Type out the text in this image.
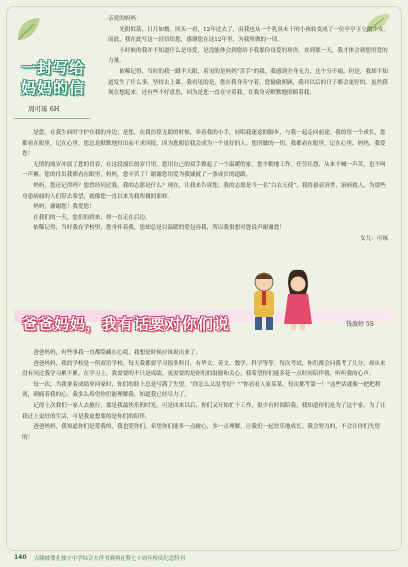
一封写给
妈妈的信
周可琢 6H

亲爱的妈妈：

光阴似箭，日月如梭。回头一看，12年过去了，而我也从一个乳臭未干的小孩转变成了一位亭亭玉立的少女。而此，我在此写这一封信给您，感谢您在这12年里，为我所做的一切。

小时候的我并不知道什么是母爱，是没能体会到您给予我那份母爱的珍贵。直到那一天，我才体会到您用爱的力量。

依稀记得，当时的我一蹲半天眼，着见的是妈妈“苦手”的我。我感到全身无力，还个分不痛。但是，我却不知道发生了什么事，坚持去上课。我看见的是，您在我身旁守着，您偷偷照顾，我对以后的日子都会更好的。虽然我现在想起来，还有些不好意思，因为是您一直在守着我，在我身旁默默地照顾着我。

是您，在我生病时守护在我的身边；是您，在我彷徨无助的时候，牵着我的小手，轻唱我迷途的脚步，与我一起走向前途。我的每一个成长，您都看在眼里，记在心里。您总是默默地付出而不求回报，因为您相信我会成为一个更好的人。您所做的一切，我都看在眼里，记在心里。妈妈，我爱您！

无情的流岁冲淡了您的青春，在这段漫长的岁月里，您用自己的双手撑起了一个温暖的家。您辛勤地工作，任劳任怨，从来不喊一声苦，也不叫一声累。您的付出我都看在眼里，妈妈，您辛苦了！谢谢您用爱为我铺就了一条成长的道路。

妈妈，您还记得吗？您曾经问过我，我的志愿是什么？现在，让我来告诉您。我的志愿是当一名“白衣天使”，我将悬壶济世，治病救人，为那些身患病痛的人们带去希望，就像您一直以来为我所做的那样。

妈妈，谢谢您！我爱您！

在我们的一天，您们的到来，却一直走在后边。

依稀记得，当时我在学校里，您身怀着我，您却总是以温暖的爱包容我，所以我很想对您说声谢谢您！

女儿：可琢

爸爸妈妈，我有话要对你们说	钱旅婷 5S

爸爸妈妈，有些事我一直都隐藏在心底，我想是时候应该说出来了。

爸爸妈妈，我的学校是一所双语学校，每天我都要学习很多科目，有华文、英文、数学、科学等等。每次考试，你们都会问我考了几分，却从来没有问过我学习累不累。在学习上，我需要的不只是成绩，更需要的是你们的鼓励和关心。我希望你们能多花一点时间陪伴我，听听我的心声。

每一次，当我拿着成绩单回家时，你们的脸上总是写满了失望。“你怎么又没考好？”“你看看人家某某，每次都考第一！”这些话就像一把把利剑，刺痛着我的心。我多么希望你们能理解我，知道我已经尽力了。

记得上次我们一家人去旅行，那是我最快乐的时光。可是回来以后，你们又开始忙于工作，很少有时间陪我。我知道你们是为了这个家，为了让我过上更好的生活，可是我更想要的是你们的陪伴。

爸爸妈妈，我知道你们是爱我的，我也爱你们。希望你们能多一点耐心，多一点理解，让我们一起快乐地成长。我会努力的，不会让你们失望的！

140 吉隆坡尊孔独立中学综合大伴书赛典礼暨七十周年校庆纪念特刊
